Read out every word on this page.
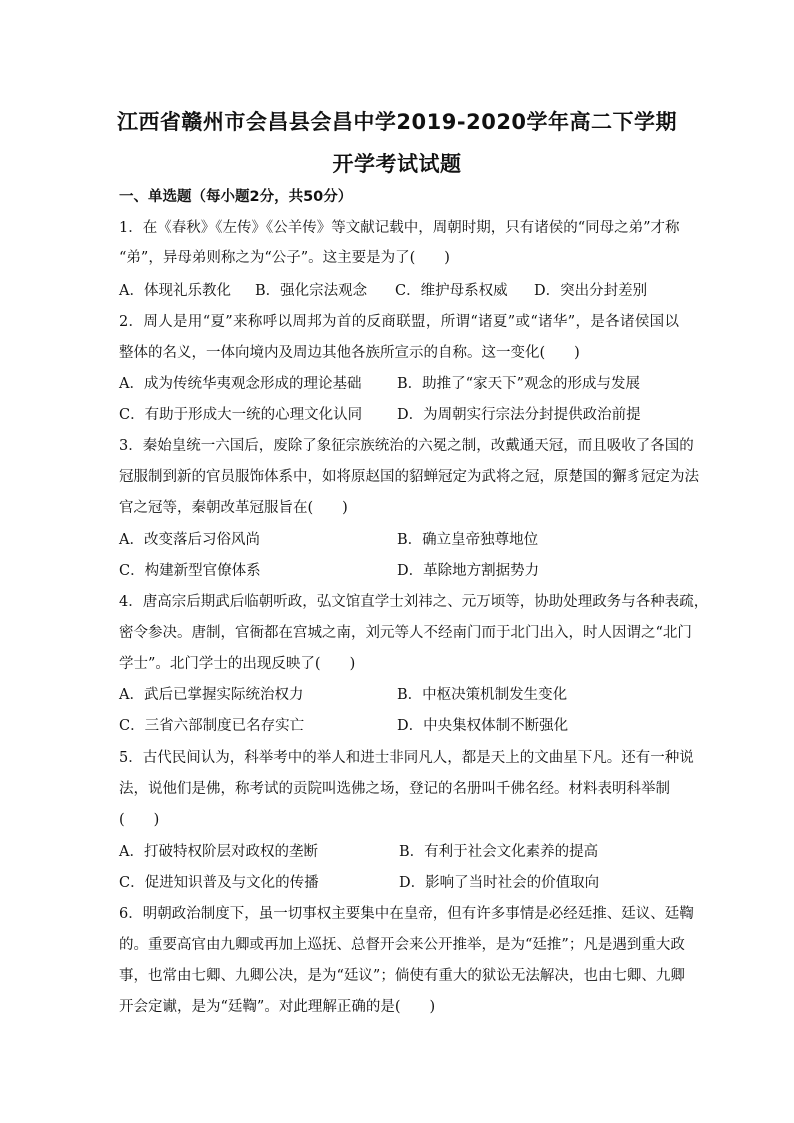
江西省赣州市会昌县会昌中学2019-2020学年高二下学期
开学考试试题
一、单选题（每小题2分，共50分）
1．在《春秋》《左传》《公羊传》等文献记载中，周朝时期，只有诸侯的“同母之弟”才称
“弟”，异母弟则称之为“公子”。这主要是为了(　　)
A．体现礼乐教化 B．强化宗法观念 C．维护母系权威 D．突出分封差别
2．周人是用“夏”来称呼以周邦为首的反商联盟，所谓“诸夏”或“诸华”，是各诸侯国以
整体的名义，一体向境内及周边其他各族所宣示的自称。这一变化(　　)
A．成为传统华夷观念形成的理论基础 B．助推了“家天下”观念的形成与发展
C．有助于形成大一统的心理文化认同 D．为周朝实行宗法分封提供政治前提
3．秦始皇统一六国后，废除了象征宗族统治的六冕之制，改戴通天冠，而且吸收了各国的
冠服制到新的官员服饰体系中，如将原赵国的貂蝉冠定为武将之冠，原楚国的獬豸冠定为法
官之冠等，秦朝改革冠服旨在(　　)
A．改变落后习俗风尚	B．确立皇帝独尊地位
C．构建新型官僚体系	D．革除地方割据势力
4．唐高宗后期武后临朝听政，弘文馆直学士刘祎之、元万顷等，协助处理政务与各种表疏，
密令参决。唐制，官衙都在宫城之南，刘元等人不经南门而于北门出入，时人因谓之“北门
学士”。北门学士的出现反映了(　　)
A．武后已掌握实际统治权力	B．中枢决策机制发生变化
C．三省六部制度已名存实亡	D．中央集权体制不断强化
5．古代民间认为，科举考中的举人和进士非同凡人，都是天上的文曲星下凡。还有一种说
法，说他们是佛，称考试的贡院叫选佛之场，登记的名册叫千佛名经。材料表明科举制
(　　)
A．打破特权阶层对政权的垄断	B．有利于社会文化素养的提高
C．促进知识普及与文化的传播	D．影响了当时社会的价值取向
6．明朝政治制度下，虽一切事权主要集中在皇帝，但有许多事情是必经廷推、廷议、廷鞫
的。重要高官由九卿或再加上巡抚、总督开会来公开推举，是为“廷推”；凡是遇到重大政
事，也常由七卿、九卿公决，是为“廷议”；倘使有重大的狱讼无法解决，也由七卿、九卿
开会定谳，是为“廷鞫”。对此理解正确的是(　　)
